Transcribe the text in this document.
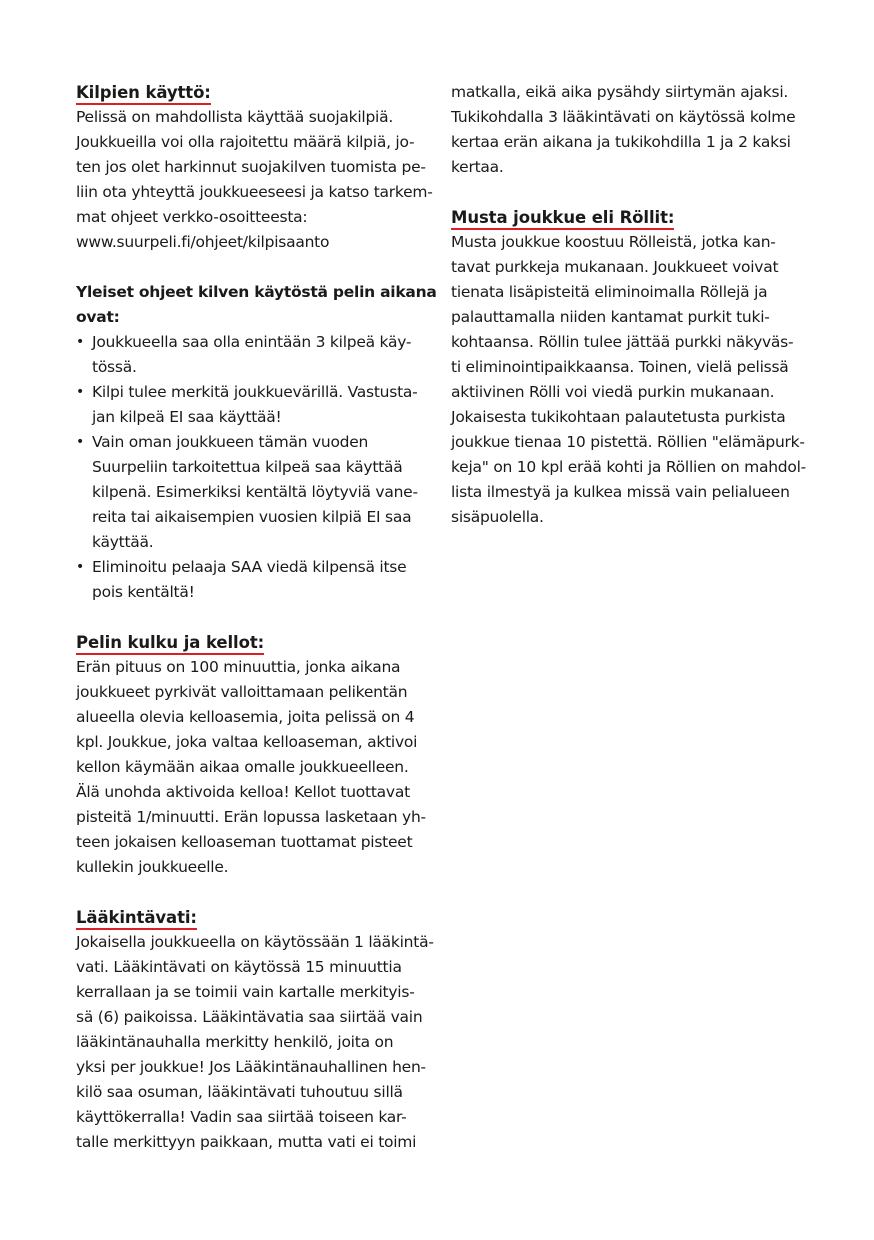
Kilpien käyttö:
Pelissä on mahdollista käyttää suojakilpiä.
Joukkueilla voi olla rajoitettu määrä kilpiä, jo-
ten jos olet harkinnut suojakilven tuomista pe-
liin ota yhteyttä joukkueeseesi ja katso tarkem-
mat ohjeet verkko-osoitteesta:
www.suurpeli.fi/ohjeet/kilpisaanto
Yleiset ohjeet kilven käytöstä pelin aikana
ovat:
• Joukkueella saa olla enintään 3 kilpeä käy-
tössä.
• Kilpi tulee merkitä joukkuevärillä. Vastusta-
jan kilpeä EI saa käyttää!
• Vain oman joukkueen tämän vuoden
Suurpeliin tarkoitettua kilpeä saa käyttää
kilpenä. Esimerkiksi kentältä löytyviä vane-
reita tai aikaisempien vuosien kilpiä EI saa
käyttää.
• Eliminoitu pelaaja SAA viedä kilpensä itse
pois kentältä!
Pelin kulku ja kellot:
Erän pituus on 100 minuuttia, jonka aikana
joukkueet pyrkivät valloittamaan pelikentän
alueella olevia kelloasemia, joita pelissä on 4
kpl. Joukkue, joka valtaa kelloaseman, aktivoi
kellon käymään aikaa omalle joukkueelleen.
Älä unohda aktivoida kelloa! Kellot tuottavat
pisteitä 1/minuutti. Erän lopussa lasketaan yh-
teen jokaisen kelloaseman tuottamat pisteet
kullekin joukkueelle.
Lääkintävati:
Jokaisella joukkueella on käytössään 1 lääkintä-
vati. Lääkintävati on käytössä 15 minuuttia
kerrallaan ja se toimii vain kartalle merkityis-
sä (6) paikoissa. Lääkintävatia saa siirtää vain
lääkintänauhalla merkitty henkilö, joita on
yksi per joukkue! Jos Lääkintänauhallinen hen-
kilö saa osuman, lääkintävati tuhoutuu sillä
käyttökerralla! Vadin saa siirtää toiseen kar-
talle merkittyyn paikkaan, mutta vati ei toimi
matkalla, eikä aika pysähdy siirtymän ajaksi.
Tukikohdalla 3 lääkintävati on käytössä kolme
kertaa erän aikana ja tukikohdilla 1 ja 2 kaksi
kertaa.
Musta joukkue eli Röllit:
Musta joukkue koostuu Rölleistä, jotka kan-
tavat purkkeja mukanaan. Joukkueet voivat
tienata lisäpisteitä eliminoimalla Röllejä ja
palauttamalla niiden kantamat purkit tuki-
kohtaansa. Röllin tulee jättää purkki näkyväs-
ti eliminointipaikkaansa. Toinen, vielä pelissä
aktiivinen Rölli voi viedä purkin mukanaan.
Jokaisesta tukikohtaan palautetusta purkista
joukkue tienaa 10 pistettä. Röllien "elämäpurk-
keja" on 10 kpl erää kohti ja Röllien on mahdol-
lista ilmestyä ja kulkea missä vain pelialueen
sisäpuolella.
